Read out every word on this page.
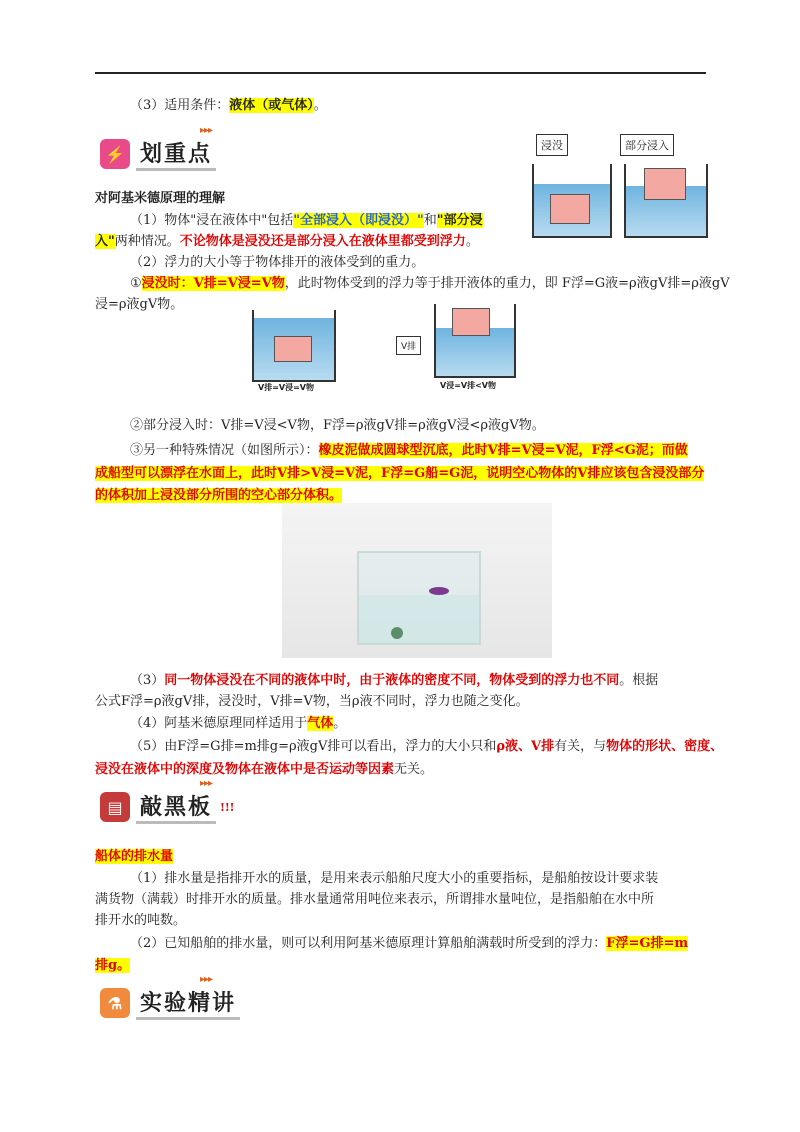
（3）适用条件：液体（或气体）。
⚡ 划重点
▸▸▸
浸没	部分浸入
对阿基米德原理的理解
（1）物体"浸在液体中"包括"全部浸入（即浸没）"和"部分浸
入"两种情况。不论物体是浸没还是部分浸入在液体里都受到浮力。
（2）浮力的大小等于物体排开的液体受到的重力。
①浸没时：V排=V浸=V物，此时物体受到的浮力等于排开液体的重力，即 F浮=G液=ρ液gV排=ρ液gV
浸=ρ液gV物。
V排=V浸=V物
V排
V浸=V排<V物
②部分浸入时：V排=V浸<V物，F浮=ρ液gV排=ρ液gV浸<ρ液gV物。
③另一种特殊情况（如图所示）：橡皮泥做成圆球型沉底，此时V排=V浸=V泥，F浮<G泥；而做
成船型可以漂浮在水面上，此时V排>V浸=V泥，F浮=G船=G泥，说明空心物体的V排应该包含浸没部分
的体积加上浸没部分所围的空心部分体积。
（3）同一物体浸没在不同的液体中时，由于液体的密度不同，物体受到的浮力也不同。根据
公式F浮=ρ液gV排，浸没时，V排=V物，当ρ液不同时，浮力也随之变化。
（4）阿基米德原理同样适用于气体。
（5）由F浮=G排=m排g=ρ液gV排可以看出，浮力的大小只和ρ液、V排有关，与物体的形状、密度、
浸没在液体中的深度及物体在液体中是否运动等因素无关。
▤ 敲黑板 !!!
▸▸▸
船体的排水量
（1）排水量是指排开水的质量，是用来表示船舶尺度大小的重要指标，是船舶按设计要求装
满货物（满载）时排开水的质量。排水量通常用吨位来表示，所谓排水量吨位，是指船舶在水中所
排开水的吨数。
（2）已知船舶的排水量，则可以利用阿基米德原理计算船舶满载时所受到的浮力：F浮=G排=m
排g。
⚗ 实验精讲
▸▸▸
